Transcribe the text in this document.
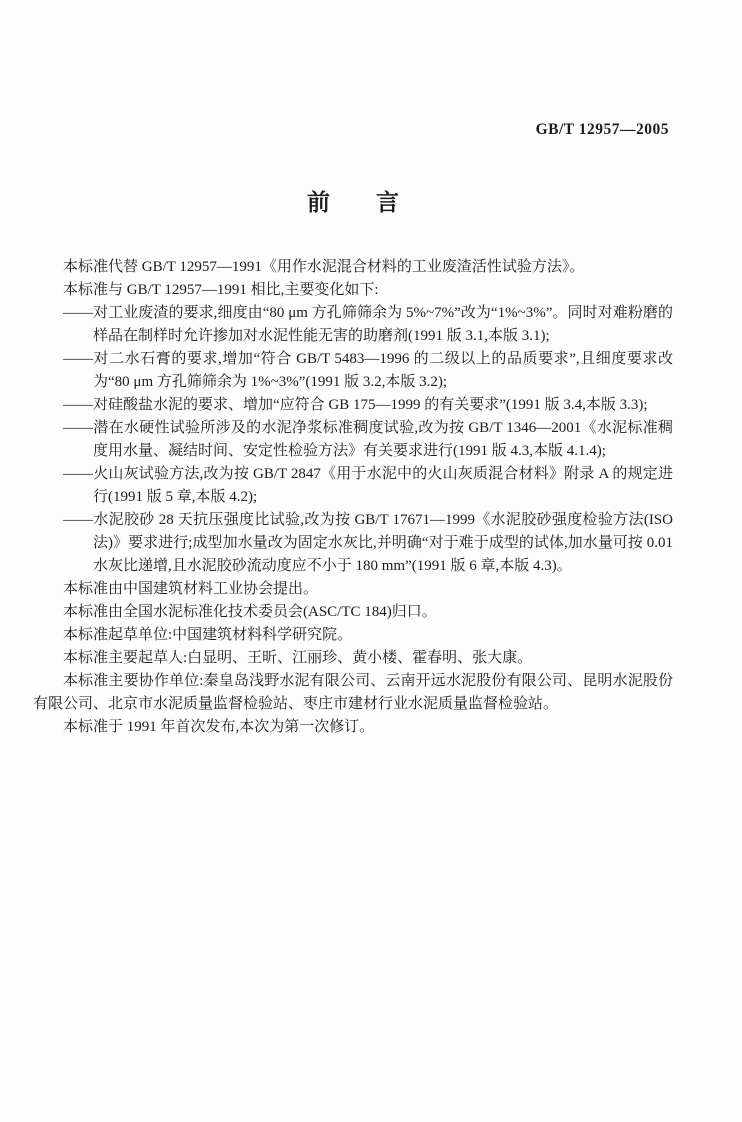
GB/T 12957—2005
前　　言

本标准代替 GB/T 12957—1991《用作水泥混合材料的工业废渣活性试验方法》。

本标准与 GB/T 12957—1991 相比,主要变化如下:

——对工业废渣的要求,细度由“80 μm 方孔筛筛余为 5%~7%”改为“1%~3%”。同时对难粉磨的样品在制样时允许掺加对水泥性能无害的助磨剂(1991 版 3.1,本版 3.1);

——对二水石膏的要求,增加“符合 GB/T 5483—1996 的二级以上的品质要求”,且细度要求改为“80 μm 方孔筛筛余为 1%~3%”(1991 版 3.2,本版 3.2);

——对硅酸盐水泥的要求、增加“应符合 GB 175—1999 的有关要求”(1991 版 3.4,本版 3.3);

——潜在水硬性试验所涉及的水泥净浆标准稠度试验,改为按 GB/T 1346—2001《水泥标准稠度用水量、凝结时间、安定性检验方法》有关要求进行(1991 版 4.3,本版 4.1.4);

——火山灰试验方法,改为按 GB/T 2847《用于水泥中的火山灰质混合材料》附录 A 的规定进行(1991 版 5 章,本版 4.2);

——水泥胶砂 28 天抗压强度比试验,改为按 GB/T 17671—1999《水泥胶砂强度检验方法(ISO法)》要求进行;成型加水量改为固定水灰比,并明确“对于难于成型的试体,加水量可按 0.01 水灰比递增,且水泥胶砂流动度应不小于 180 mm”(1991 版 6 章,本版 4.3)。

本标准由中国建筑材料工业协会提出。

本标准由全国水泥标准化技术委员会(ASC/TC 184)归口。

本标准起草单位:中国建筑材料科学研究院。

本标准主要起草人:白显明、王昕、江丽珍、黄小楼、霍春明、张大康。

本标准主要协作单位:秦皇岛浅野水泥有限公司、云南开远水泥股份有限公司、昆明水泥股份有限公司、北京市水泥质量监督检验站、枣庄市建材行业水泥质量监督检验站。

本标准于 1991 年首次发布,本次为第一次修订。
